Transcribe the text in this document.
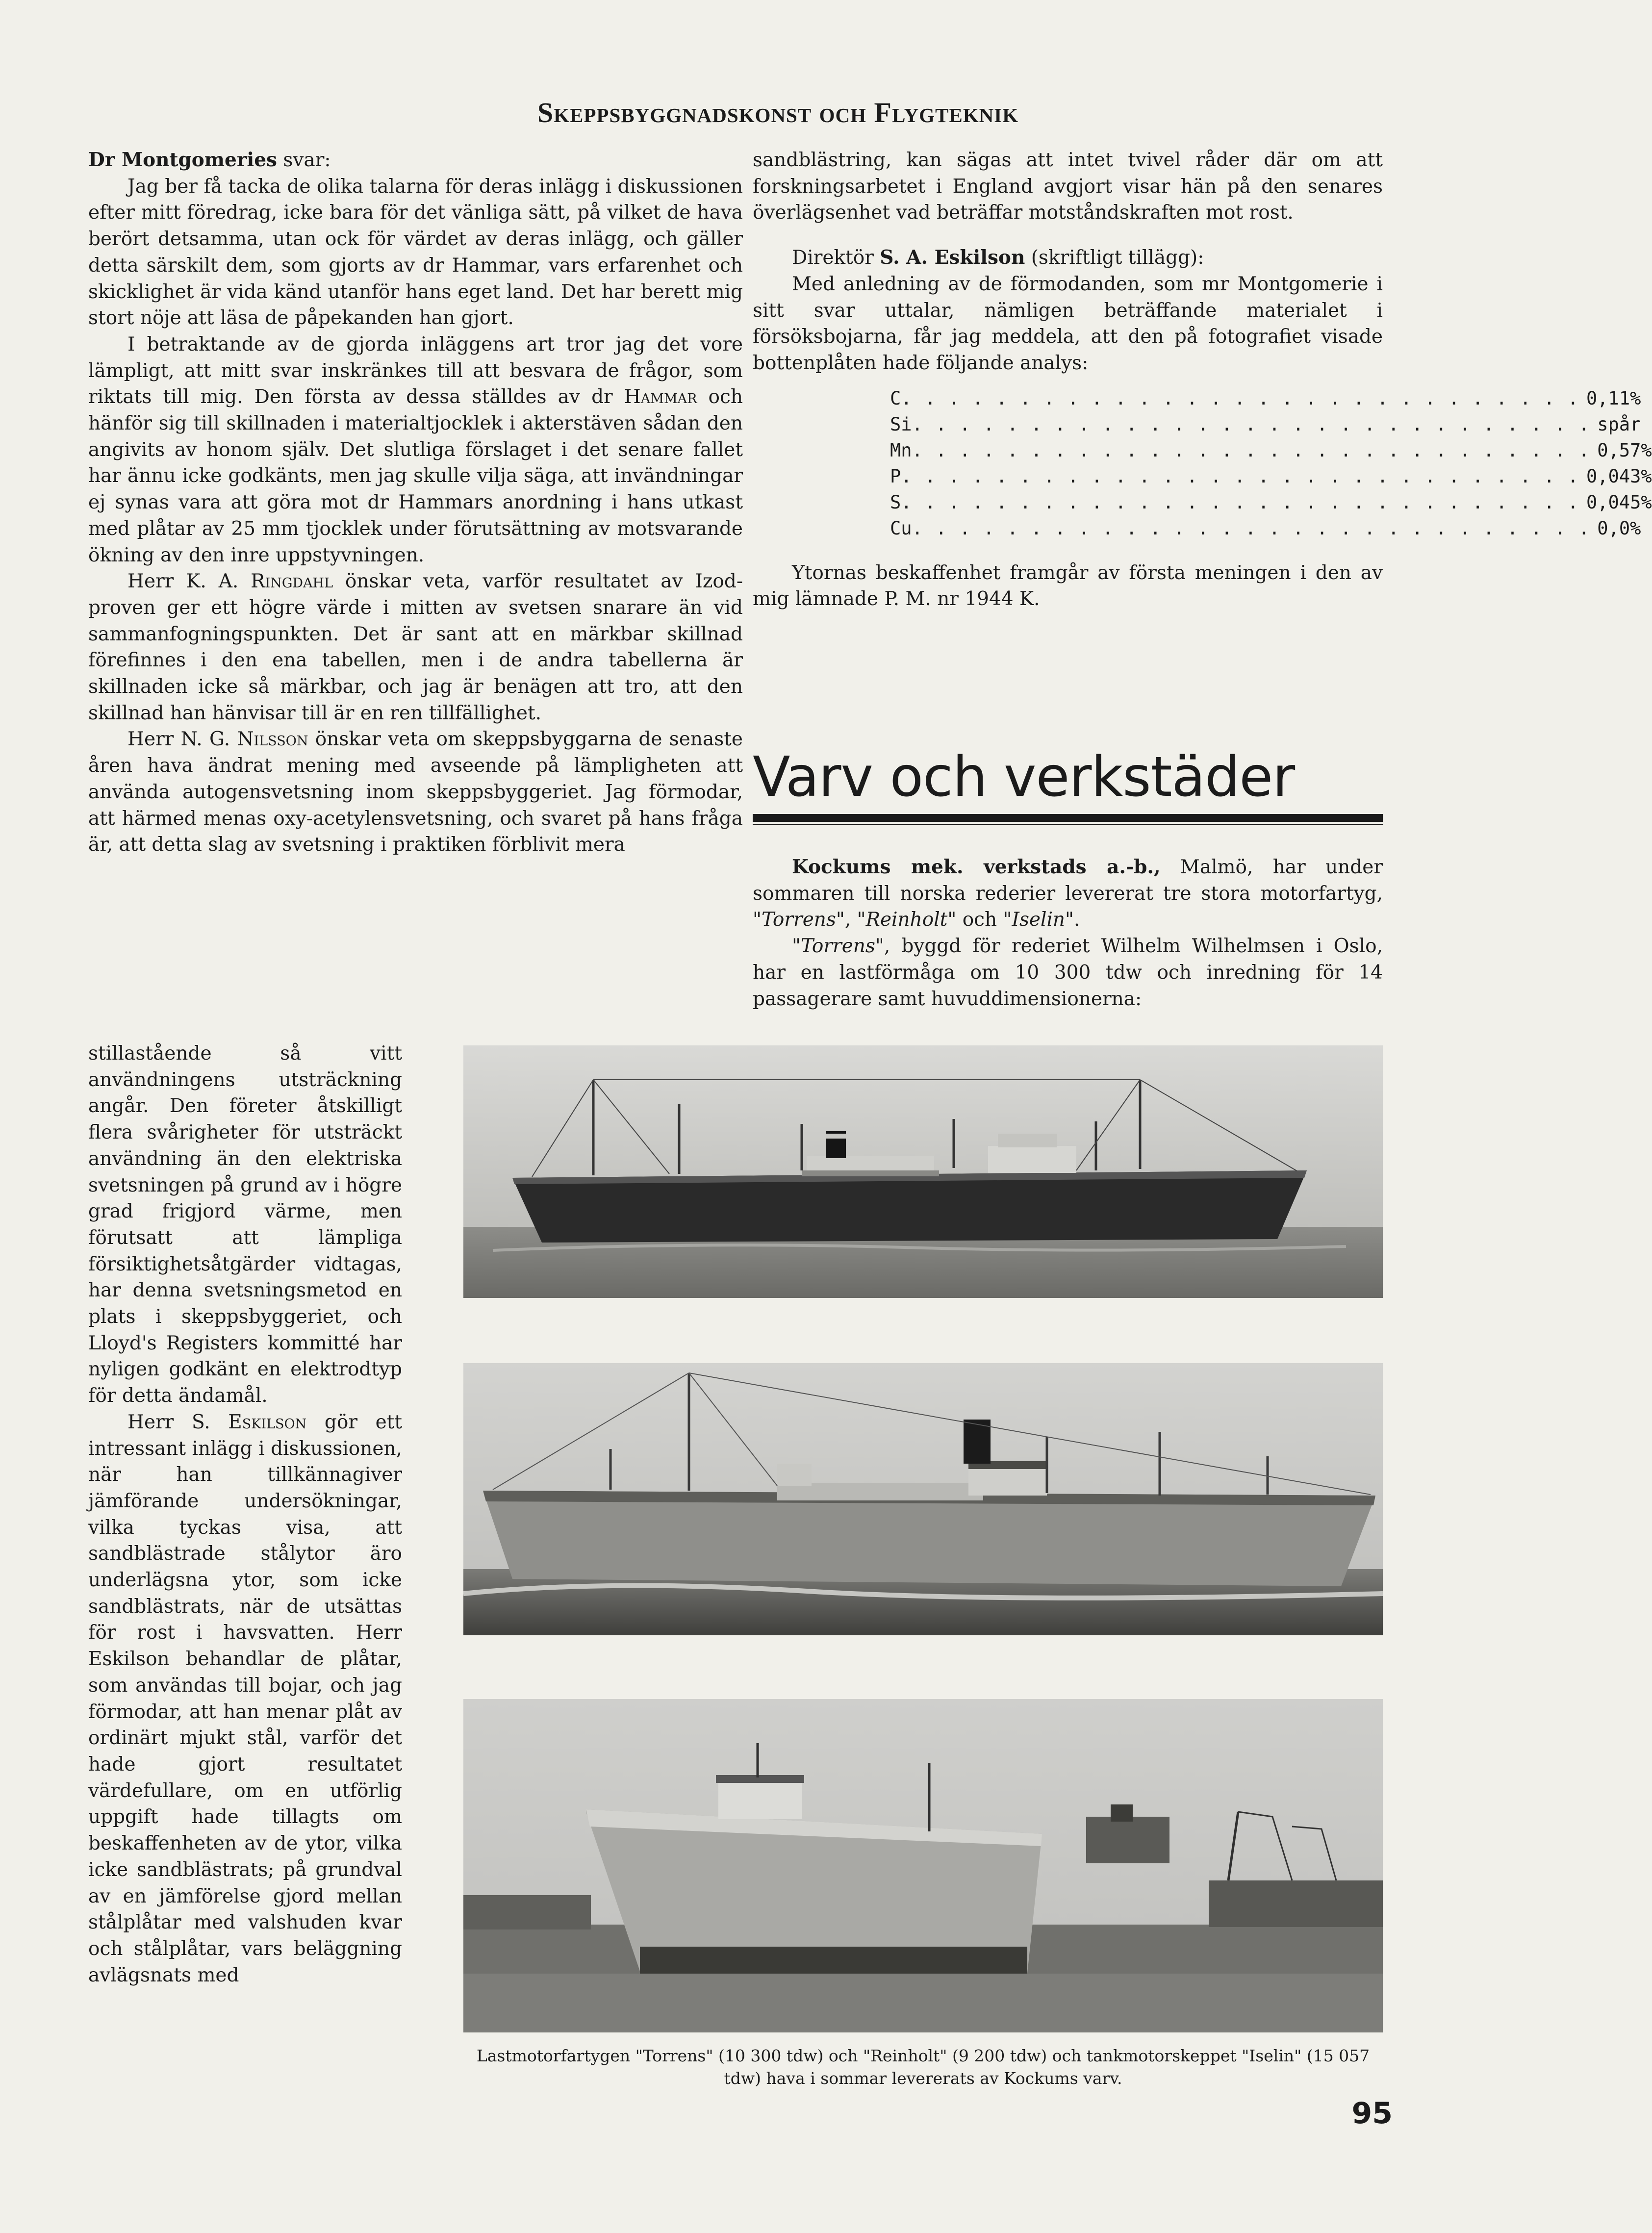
Skeppsbyggnadskonst och Flygteknik

Dr Montgomeries svar:

Jag ber få tacka de olika talarna för deras inlägg i diskussionen efter mitt föredrag, icke bara för det vänliga sätt, på vilket de hava berört detsamma, utan ock för värdet av deras inlägg, och gäller detta särskilt dem, som gjorts av dr Hammar, vars erfarenhet och skicklighet är vida känd utanför hans eget land. Det har berett mig stort nöje att läsa de påpekanden han gjort.

I betraktande av de gjorda inläggens art tror jag det vore lämpligt, att mitt svar inskränkes till att besvara de frågor, som riktats till mig. Den första av dessa ställdes av dr Hammar och hänför sig till skillnaden i materialtjocklek i akterstäven sådan den angivits av honom själv. Det slutliga förslaget i det senare fallet har ännu icke godkänts, men jag skulle vilja säga, att invändningar ej synas vara att göra mot dr Hammars anordning i hans utkast med plåtar av 25 mm tjocklek under förutsättning av motsvarande ökning av den inre uppstyvningen.

Herr K. A. Ringdahl önskar veta, varför resultatet av Izod-proven ger ett högre värde i mitten av svetsen snarare än vid sammanfogningspunkten. Det är sant att en märkbar skillnad förefinnes i den ena tabellen, men i de andra tabellerna är skillnaden icke så märkbar, och jag är benägen att tro, att den skillnad han hänvisar till är en ren tillfällighet.

Herr N. G. Nilsson önskar veta om skeppsbyggarna de senaste åren hava ändrat mening med avseende på lämpligheten att använda autogensvetsning inom skeppsbyggeriet. Jag förmodar, att härmed menas oxy-acetylensvetsning, och svaret på hans fråga är, att detta slag av svetsning i praktiken förblivit mera

stillastående så vitt användningens utsträckning angår. Den företer åtskilligt flera svårigheter för utsträckt användning än den elektriska svetsningen på grund av i högre grad frigjord värme, men förutsatt att lämpliga försiktighetsåtgärder vidtagas, har denna svetsningsmetod en plats i skeppsbyggeriet, och Lloyd's Registers kommitté har nyligen godkänt en elektrodtyp för detta ändamål.

Herr S. Eskilson gör ett intressant inlägg i diskussionen, när han tillkännagiver jämförande undersökningar, vilka tyckas visa, att sandblästrade stålytor äro underlägsna ytor, som icke sandblästrats, när de utsättas för rost i havsvatten. Herr Eskilson behandlar de plåtar, som användas till bojar, och jag förmodar, att han menar plåt av ordinärt mjukt stål, varför det hade gjort resultatet värdefullare, om en utförlig uppgift hade tillagts om beskaffenheten av de ytor, vilka icke sandblästrats; på grundval av en jämförelse gjord mellan stålplåtar med valshuden kvar och stålplåtar, vars beläggning avlägsnats med

sandblästring, kan sägas att intet tvivel råder där om att forskningsarbetet i England avgjort visar hän på den senares överlägsenhet vad beträffar motståndskraften mot rost.

Direktör S. A. Eskilson (skriftligt tillägg):

Med anledning av de förmodanden, som mr Montgomerie i sitt svar uttalar, nämligen beträffande materialet i försöksbojarna, får jag meddela, att den på fotografiet visade bottenplåten hade följande analys:

C . . . . . . . . . . . . . . . . . . . . . . . . . . . . . 0,11 %
Si . . . . . . . . . . . . . . . . . . . . . . . . . . . . . spår
Mn . . . . . . . . . . . . . . . . . . . . . . . . . . . . . 0,57 %
P . . . . . . . . . . . . . . . . . . . . . . . . . . . . . 0,043 %
S . . . . . . . . . . . . . . . . . . . . . . . . . . . . . 0,045 %
Cu . . . . . . . . . . . . . . . . . . . . . . . . . . . . . 0,0 %

Ytornas beskaffenhet framgår av första meningen i den av mig lämnade P. M. nr 1944 K.

Varv och verkstäder

Kockums mek. verkstads a.-b., Malmö, har under sommaren till norska rederier levererat tre stora motorfartyg, "Torrens", "Reinholt" och "Iselin".

"Torrens", byggd för rederiet Wilhelm Wilhelmsen i Oslo, har en lastförmåga om 10 300 tdw och inredning för 14 passagerare samt huvuddimensionerna:

Lastmotorfartygen "Torrens" (10 300 tdw) och "Reinholt" (9 200 tdw) och tankmotorskeppet "Iselin" (15 057 tdw) hava i sommar levererats av Kockums varv.
95
